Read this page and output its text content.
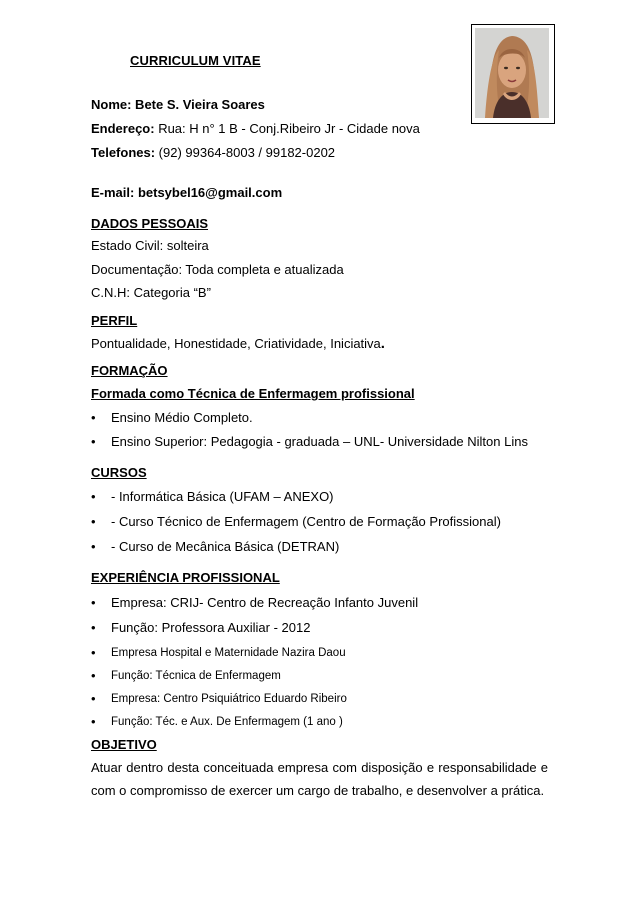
CURRICULUM VITAE
Nome: Bete S. Vieira Soares
Endereço: Rua: H n° 1 B - Conj.Ribeiro Jr - Cidade nova
Telefones: (92) 99364-8003 / 99182-0202
E-mail: betsybel16@gmail.com
DADOS PESSOAIS
Estado Civil: solteira
Documentação: Toda completa e atualizada
C.N.H: Categoria “B”
PERFIL
Pontualidade, Honestidade, Criatividade, Iniciativa.
FORMAÇÃO
Formada como Técnica de Enfermagem profissional
•	Ensino Médio Completo.
•	Ensino Superior: Pedagogia - graduada – UNL- Universidade Nilton Lins
CURSOS
•	- Informática Básica (UFAM – ANEXO)
•	- Curso Técnico de Enfermagem (Centro de Formação Profissional)
•	- Curso de Mecânica Básica (DETRAN)
EXPERIÊNCIA PROFISSIONAL
•	Empresa: CRIJ- Centro de Recreação Infanto Juvenil
•	Função: Professora Auxiliar - 2012
•	Empresa Hospital e Maternidade Nazira Daou
•	Função: Técnica de Enfermagem
•	Empresa: Centro Psiquiátrico Eduardo Ribeiro
•	Função: Téc. e Aux. De Enfermagem (1 ano )
OBJETIVO
Atuar dentro desta conceituada empresa com disposição e responsabilidade e
com o compromisso de exercer um cargo de trabalho, e desenvolver a prática.
